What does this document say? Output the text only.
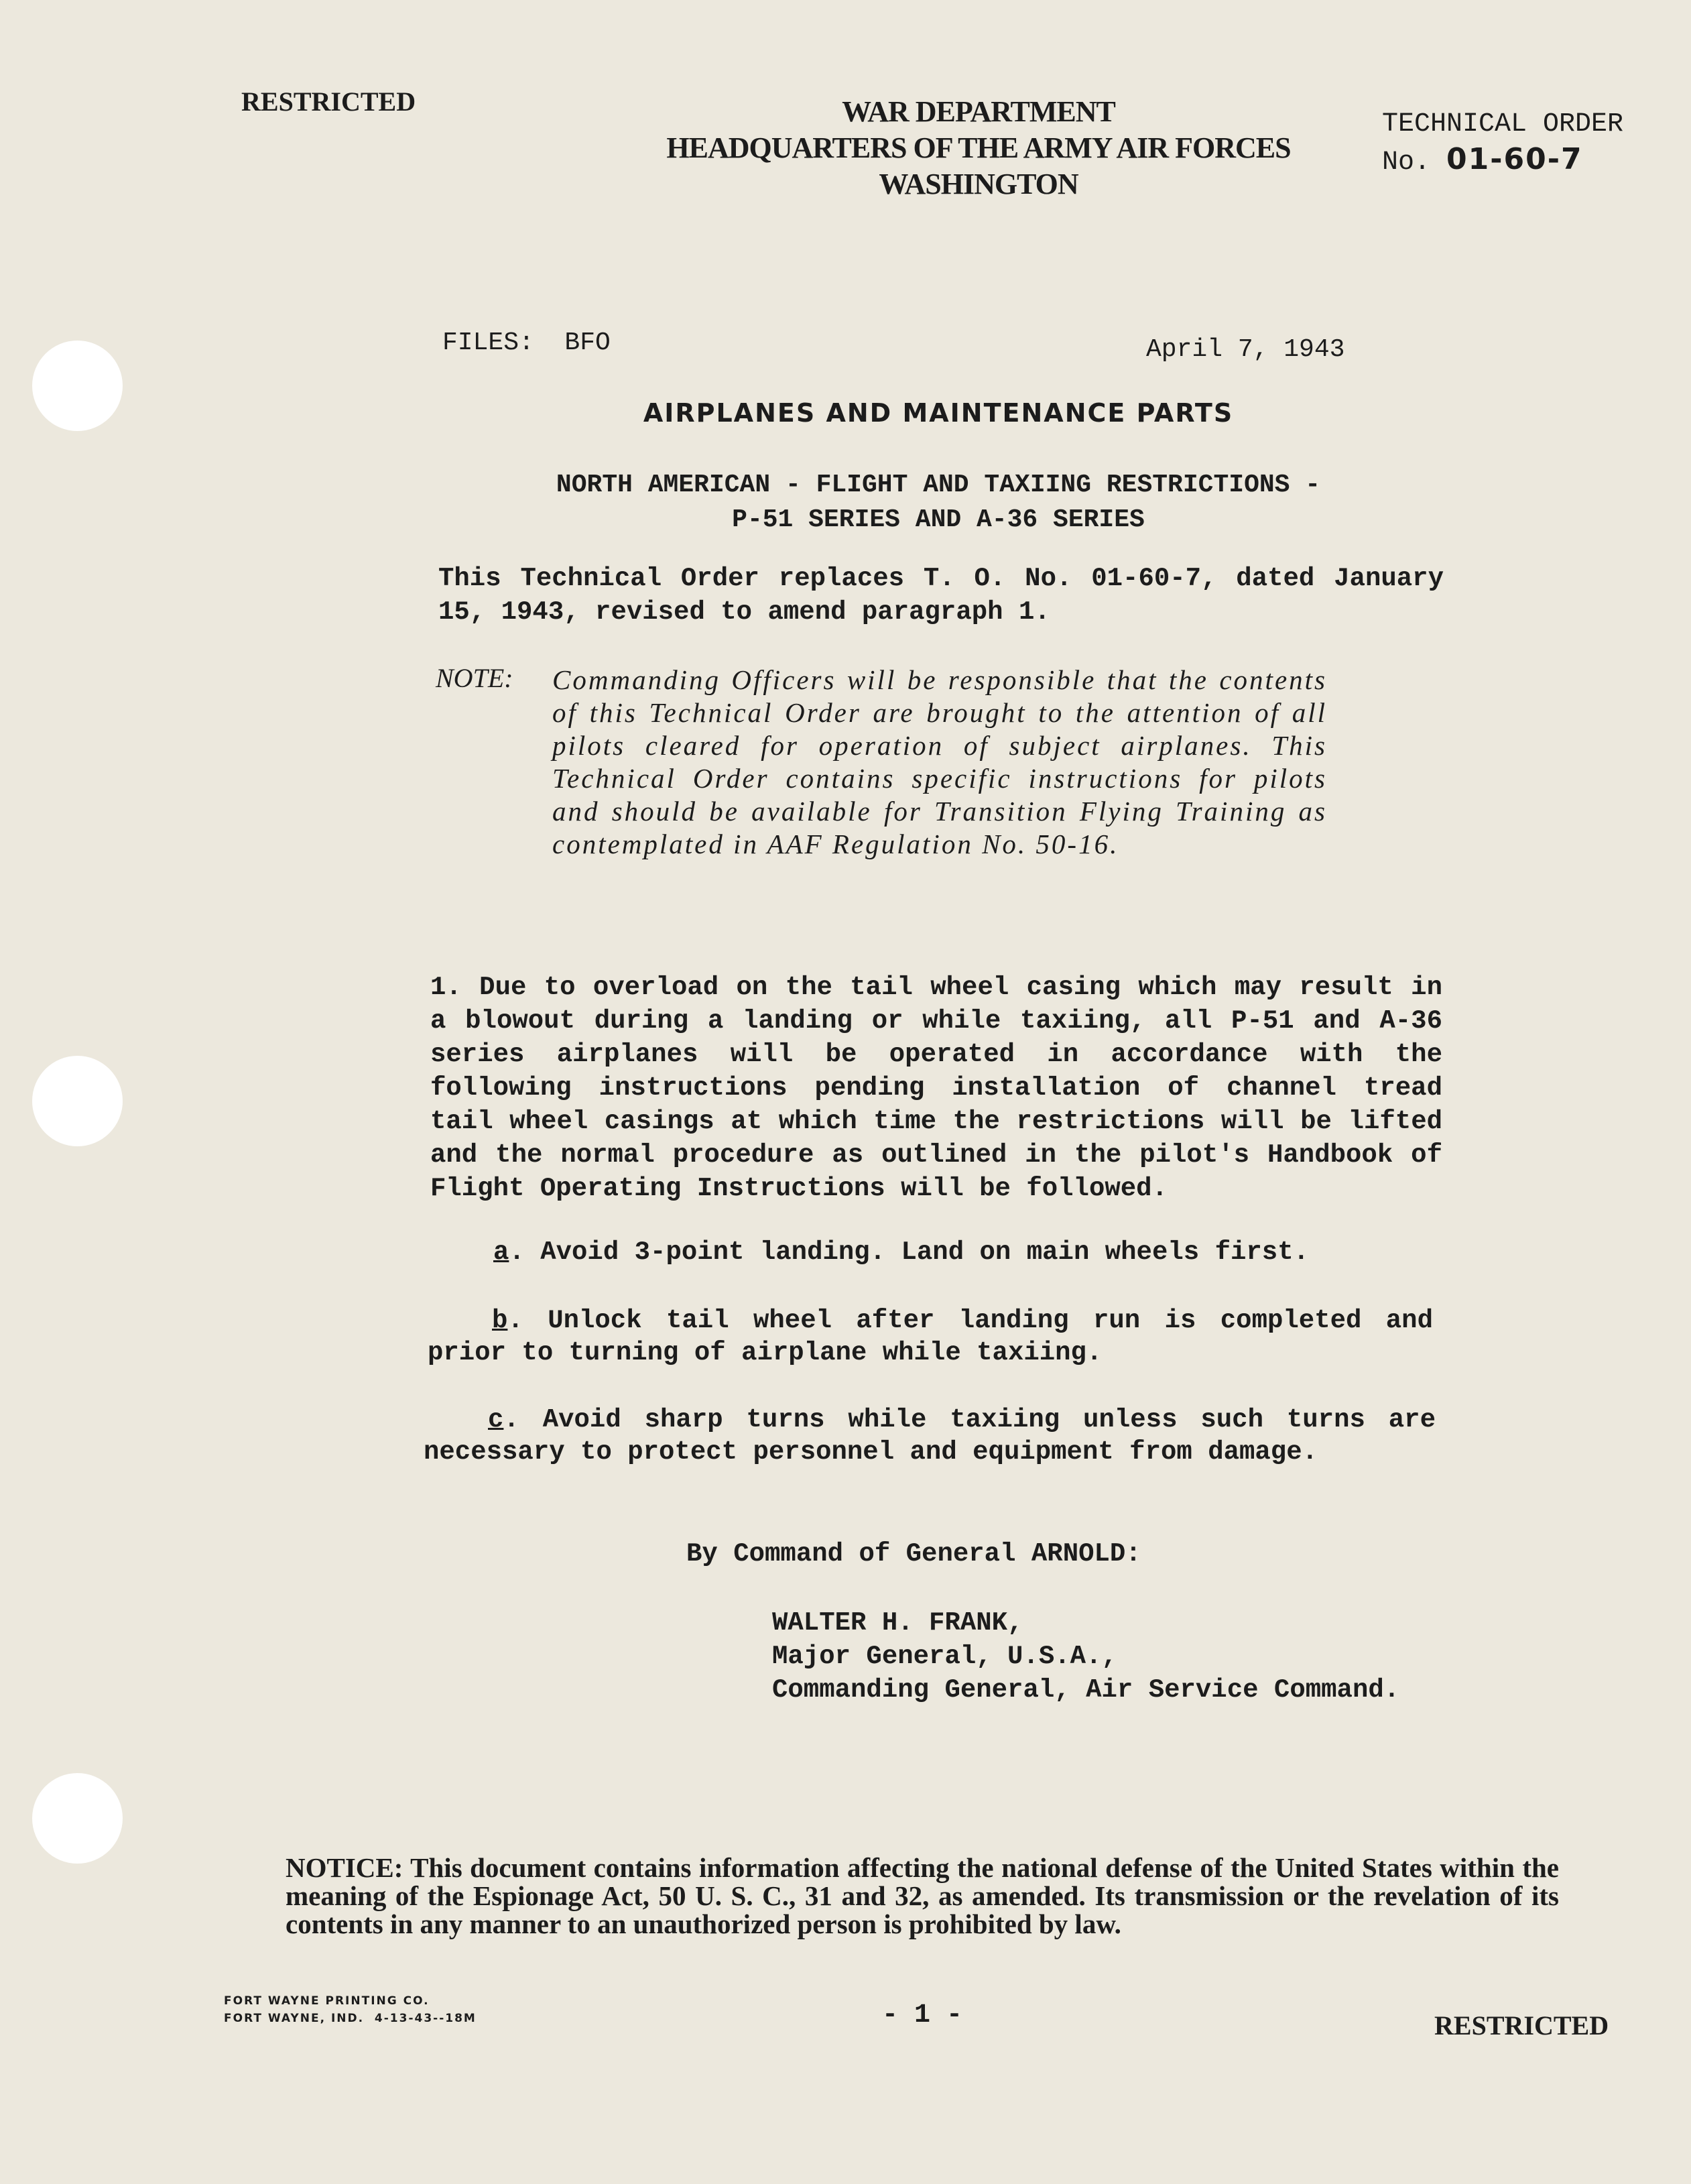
RESTRICTED	WAR DEPARTMENT
HEADQUARTERS OF THE ARMY AIR FORCES
WASHINGTON
TECHNICAL ORDER
No. 01-60-7
FILES:  BFO	April 7, 1943
AIRPLANES AND MAINTENANCE PARTS
NORTH AMERICAN - FLIGHT AND TAXIING RESTRICTIONS -
P-51 SERIES AND A-36 SERIES
This Technical Order replaces T. O. No. 01-60-7, dated January 15, 1943, revised to amend paragraph 1.
NOTE: Commanding Officers will be responsible that the contents of this Technical Order are brought to the attention of all pilots cleared for operation of subject airplanes. This Technical Order contains specific instructions for pilots and should be available for Transition Flying Training as contemplated in AAF Regulation No. 50-16.
1. Due to overload on the tail wheel casing which may result in a blowout during a landing or while taxiing, all P-51 and A-36 series airplanes will be operated in accordance with the following instructions pending installation of channel tread tail wheel casings at which time the restrictions will be lifted and the normal procedure as outlined in the pilot's Handbook of Flight Operating Instructions will be followed.
a. Avoid 3-point landing. Land on main wheels first.
b. Unlock tail wheel after landing run is completed and prior to turning of airplane while taxiing.
c. Avoid sharp turns while taxiing unless such turns are necessary to protect personnel and equipment from damage.
By Command of General ARNOLD:
WALTER H. FRANK,
Major General, U.S.A.,
Commanding General, Air Service Command.
NOTICE: This document contains information affecting the national defense of the United States within the meaning of the Espionage Act, 50 U. S. C., 31 and 32, as amended. Its transmission or the revelation of its contents in any manner to an unauthorized person is prohibited by law.
FORT WAYNE PRINTING CO.
FORT WAYNE, IND.  4-13-43--18M	- 1 -	RESTRICTED
